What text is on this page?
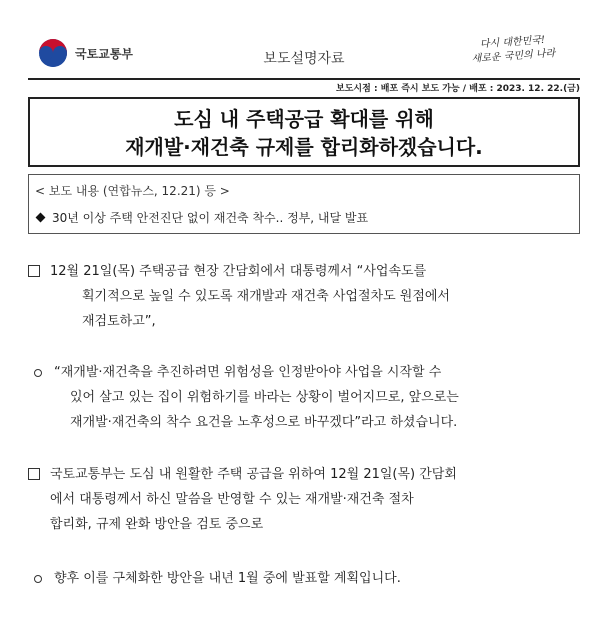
국토교통부	보도설명자료
다시 대한민국!
새로운 국민의 나라
보도시점 : 배포 즉시 보도 가능 / 배포 : 2023. 12. 22.(금)
도심 내 주택공급 확대를 위해
재개발·재건축 규제를 합리화하겠습니다.
< 보도 내용 (연합뉴스, 12.21) 등 >
30년 이상 주택 안전진단 없이 재건축 착수.. 정부, 내달 발표
12월 21일(목) 주택공급 현장 간담회에서 대통령께서 “사업속도를
획기적으로 높일 수 있도록 재개발과 재건축 사업절차도 원점에서
재검토하고”,
“재개발·재건축을 추진하려면 위험성을 인정받아야 사업을 시작할 수
있어 살고 있는 집이 위험하기를 바라는 상황이 벌어지므로, 앞으로는
재개발·재건축의 착수 요건을 노후성으로 바꾸겠다”라고 하셨습니다.
국토교통부는 도심 내 원활한 주택 공급을 위하여 12월 21일(목) 간담회
에서 대통령께서 하신 말씀을 반영할 수 있는 재개발·재건축 절차
합리화, 규제 완화 방안을 검토 중으로
향후 이를 구체화한 방안을 내년 1월 중에 발표할 계획입니다.
